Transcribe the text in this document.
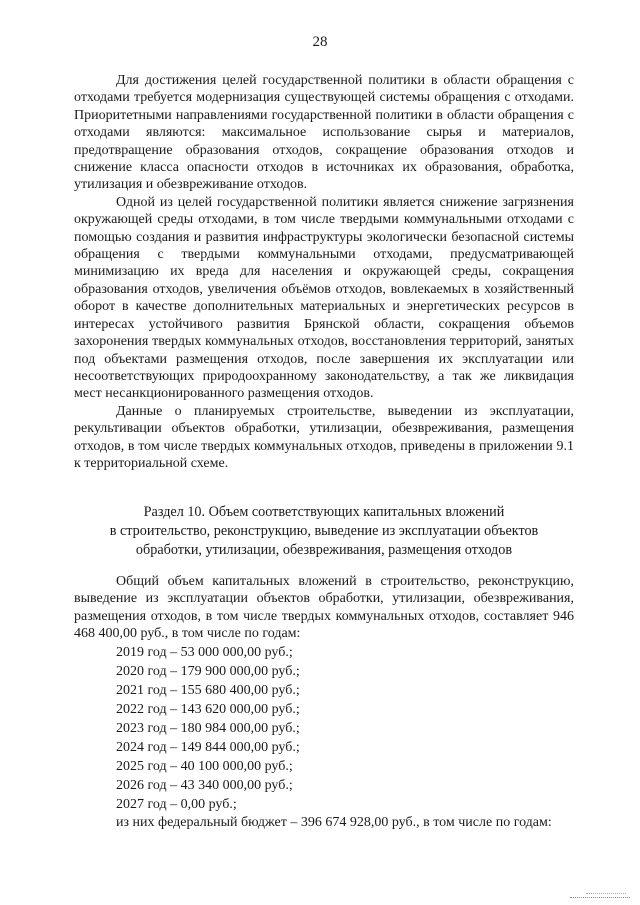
28

Для достижения целей государственной политики в области обращения с отходами требуется модернизация существующей системы обращения с отходами. Приоритетными направлениями государственной политики в области обращения с отходами являются: максимальное использование сырья и материалов, предотвращение образования отходов, сокращение образования отходов и снижение класса опасности отходов в источниках их образования, обработка, утилизация и обезвреживание отходов.

Одной из целей государственной политики является снижение загрязнения окружающей среды отходами, в том числе твердыми коммунальными отходами с помощью создания и развития инфраструктуры экологически безопасной системы обращения с твердыми коммунальными отходами, предусматривающей минимизацию их вреда для населения и окружающей среды, сокращения образования отходов, увеличения объёмов отходов, вовлекаемых в хозяйственный оборот в качестве дополнительных материальных и энергетических ресурсов в интересах устойчивого развития Брянской области, сокращения объемов захоронения твердых коммунальных отходов, восстановления территорий, занятых под объектами размещения отходов, после завершения их эксплуатации или несоответствующих природоохранному законодательству, а так же ликвидация мест несанкционированного размещения отходов.

Данные о планируемых строительстве, выведении из эксплуатации, рекультивации объектов обработки, утилизации, обезвреживания, размещения отходов, в том числе твердых коммунальных отходов, приведены в приложении 9.1 к территориальной схеме.

Раздел 10. Объем соответствующих капитальных вложений
в строительство, реконструкцию, выведение из эксплуатации объектов
обработки, утилизации, обезвреживания, размещения отходов

Общий объем капитальных вложений в строительство, реконструкцию, выведение из эксплуатации объектов обработки, утилизации, обезвреживания, размещения отходов, в том числе твердых коммунальных отходов, составляет 946 468 400,00 руб., в том числе по годам:

2019 год – 53 000 000,00 руб.;
2020 год – 179 900 000,00 руб.;
2021 год – 155 680 400,00 руб.;
2022 год – 143 620 000,00 руб.;
2023 год – 180 984 000,00 руб.;
2024 год – 149 844 000,00 руб.;
2025 год – 40 100 000,00 руб.;
2026 год – 43 340 000,00 руб.;
2027 год – 0,00 руб.;

из них федеральный бюджет – 396 674 928,00 руб., в том числе по годам:
